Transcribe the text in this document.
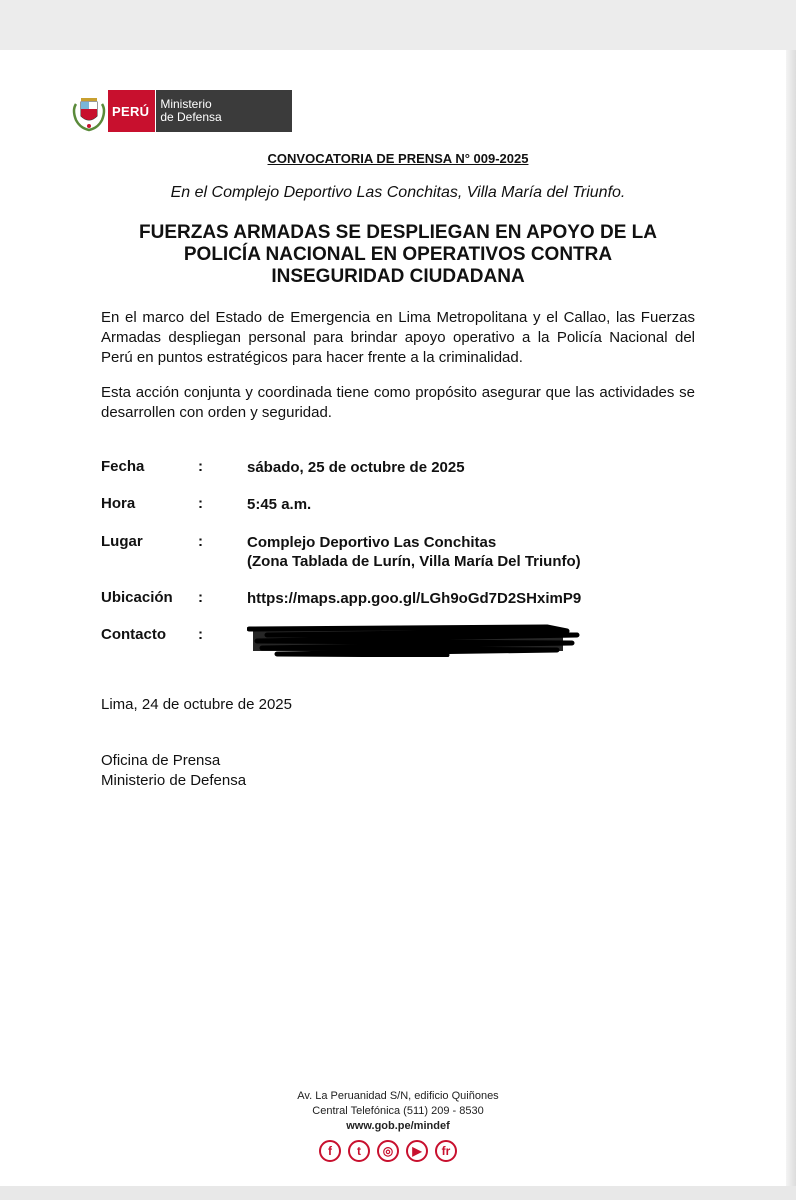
PERÚ Ministerio
de Defensa
CONVOCATORIA DE PRENSA N° 009-2025
En el Complejo Deportivo Las Conchitas, Villa María del Triunfo.
FUERZAS ARMADAS SE DESPLIEGAN EN APOYO DE LA
POLICÍA NACIONAL EN OPERATIVOS CONTRA
INSEGURIDAD CIUDADANA
En el marco del Estado de Emergencia en Lima Metropolitana y el Callao, las Fuerzas Armadas despliegan personal para brindar apoyo operativo a la Policía Nacional del Perú en puntos estratégicos para hacer frente a la criminalidad.
Esta acción conjunta y coordinada tiene como propósito asegurar que las actividades se desarrollen con orden y seguridad.
Fecha	:	sábado, 25 de octubre de 2025
Hora	:	5:45 a.m.
Lugar	:	Complejo Deportivo Las Conchitas
(Zona Tablada de Lurín, Villa María Del Triunfo)
Ubicación	:	https://maps.app.goo.gl/LGh9oGd7D2SHximP9
Contacto	:
Lima, 24 de octubre de 2025
Oficina de Prensa
Ministerio de Defensa
Av. La Peruanidad S/N, edificio Quiñones
Central Telefónica (511) 209 - 8530
www.gob.pe/mindef
f	t	◎	▶	fr
